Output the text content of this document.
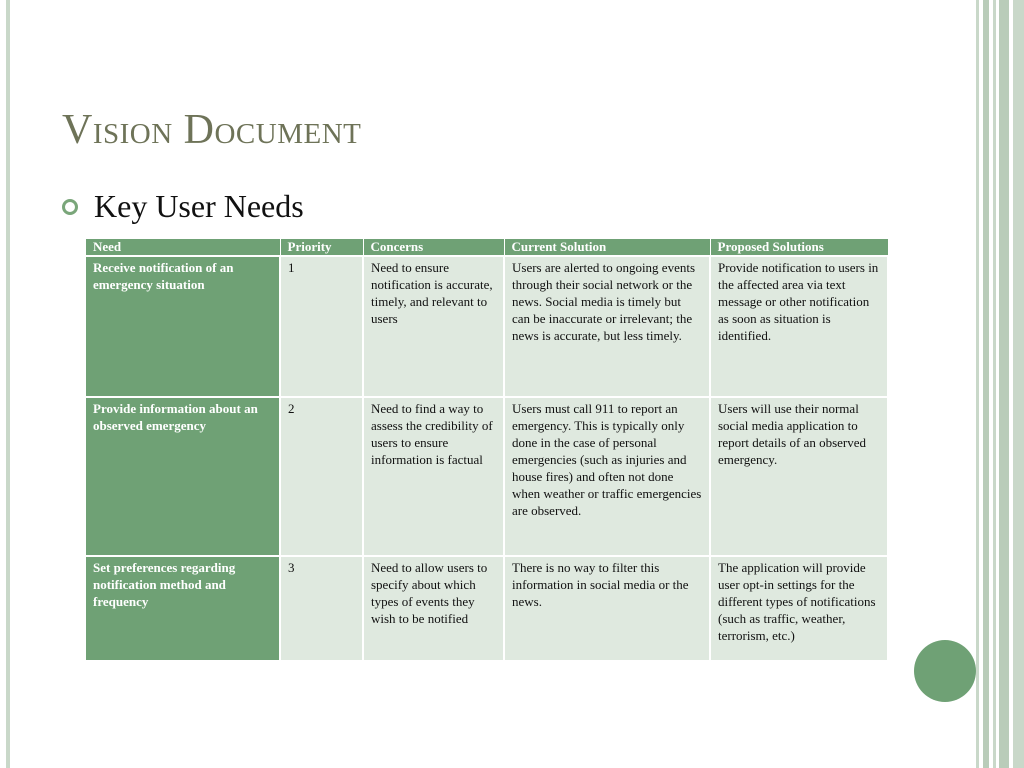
Vision Document
Key User Needs
Need	Priority	Concerns	Current Solution	Proposed Solutions
Receive notification of an emergency situation	1	Need to ensure notification is accurate, timely, and relevant to users	Users are alerted to ongoing events through their social network or the news. Social media is timely but can be inaccurate or irrelevant; the news is accurate, but less timely.	Provide notification to users in the affected area via text message or other notification as soon as situation is identified.
Provide information about an observed emergency	2	Need to find a way to assess the credibility of users to ensure information is factual	Users must call 911 to report an emergency. This is typically only done in the case of personal emergencies (such as injuries and house fires) and often not done when weather or traffic emergencies are observed.	Users will use their normal social media application to report details of an observed emergency.
Set preferences regarding notification method and frequency	3	Need to allow users to specify about which types of events they wish to be notified	There is no way to filter this information in social media or the news.	The application will provide user opt-in settings for the different types of notifications (such as traffic, weather, terrorism, etc.)
